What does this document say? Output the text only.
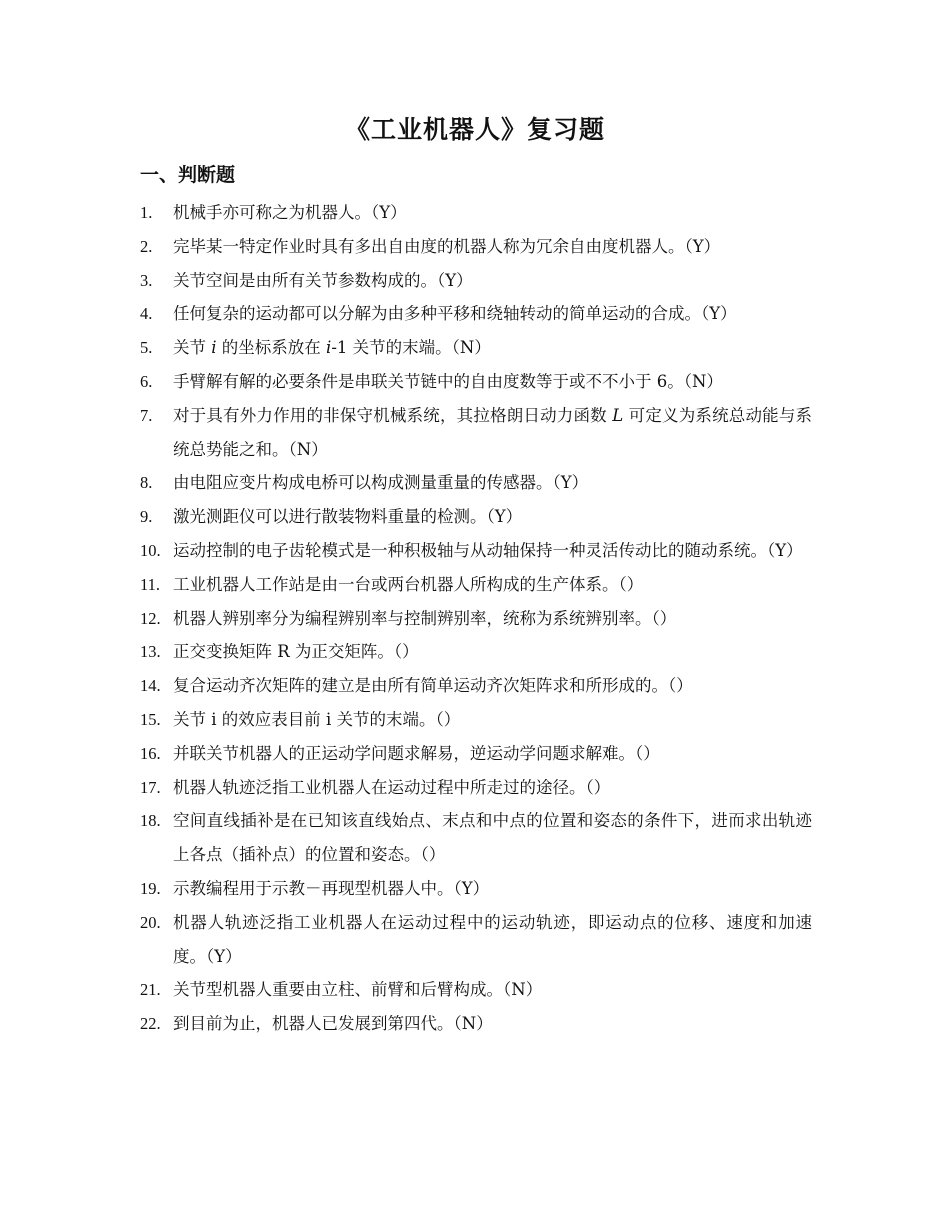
《工业机器人》复习题
一、判断题
1. 机械手亦可称之为机器人。（Y）
2. 完毕某一特定作业时具有多出自由度的机器人称为冗余自由度机器人。（Y）
3. 关节空间是由所有关节参数构成的。（Y）
4. 任何复杂的运动都可以分解为由多种平移和绕轴转动的简单运动的合成。（Y）
5. 关节 i 的坐标系放在 i-1 关节的末端。（N）
6. 手臂解有解的必要条件是串联关节链中的自由度数等于或不不小于 6。（N）
7. 对于具有外力作用的非保守机械系统，其拉格朗日动力函数 L 可定义为系统总动能与系统总势能之和。（N）
8. 由电阻应变片构成电桥可以构成测量重量的传感器。（Y）
9. 激光测距仪可以进行散装物料重量的检测。（Y）
10. 运动控制的电子齿轮模式是一种积极轴与从动轴保持一种灵活传动比的随动系统。（Y）
11. 工业机器人工作站是由一台或两台机器人所构成的生产体系。（）
12. 机器人辨别率分为编程辨别率与控制辨别率，统称为系统辨别率。（）
13. 正交变换矩阵 R 为正交矩阵。（）
14. 复合运动齐次矩阵的建立是由所有简单运动齐次矩阵求和所形成的。（）
15. 关节 i 的效应表目前 i 关节的末端。（）
16. 并联关节机器人的正运动学问题求解易，逆运动学问题求解难。（）
17. 机器人轨迹泛指工业机器人在运动过程中所走过的途径。（）
18. 空间直线插补是在已知该直线始点、末点和中点的位置和姿态的条件下，进而求出轨迹上各点（插补点）的位置和姿态。（）
19. 示教编程用于示教－再现型机器人中。（Y）
20. 机器人轨迹泛指工业机器人在运动过程中的运动轨迹，即运动点的位移、速度和加速度。（Y）
21. 关节型机器人重要由立柱、前臂和后臂构成。（N）
22. 到目前为止，机器人已发展到第四代。（N）
